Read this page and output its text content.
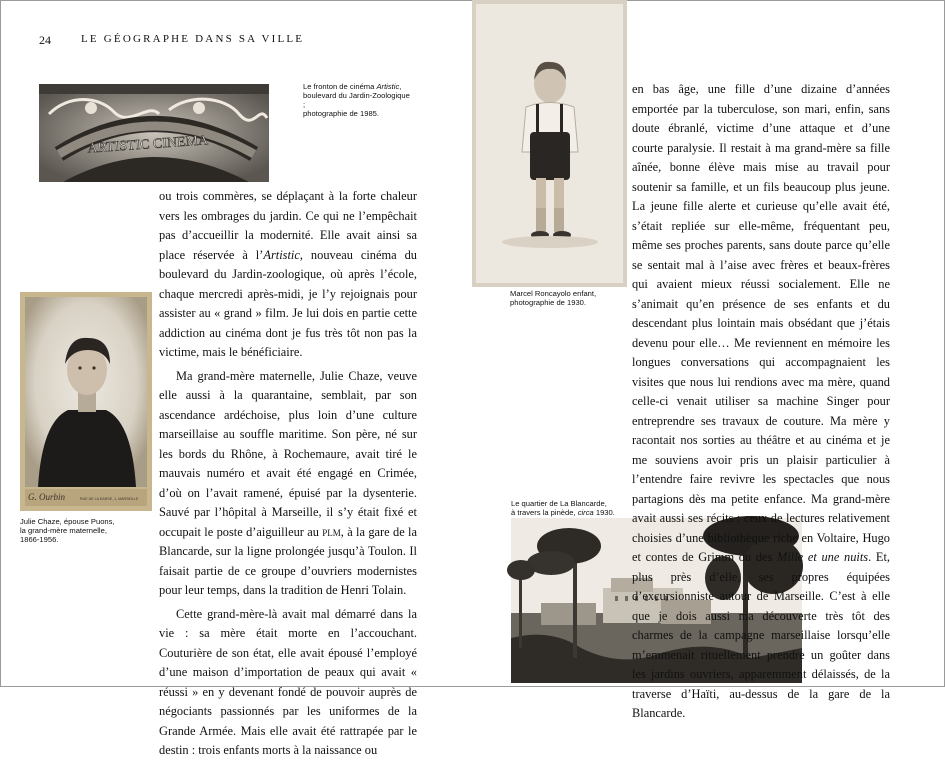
24	LE GÉOGRAPHE DANS SA VILLE
ARTISTIC CINEMA
Le fronton de cinéma Artistic,
boulevard du Jardin-Zoologique ;
photographie de 1985.
G. Ourbin	RUE DE LA DARSE, 1, MARSEILLE
Julie Chaze, épouse Puons,
la grand-mère maternelle,
1866-1956.
Marcel Roncayolo enfant,
photographie de 1930.
Le quartier de La Blancarde,
à travers la pinède, circa 1930.

ou trois commères, se déplaçant à la forte chaleur vers les ombrages du jardin. Ce qui ne l’empêchait pas d’accueillir la modernité. Elle avait ainsi sa place réservée à l’Artistic, nouveau cinéma du boulevard du Jardin-zoologique, où après l’école, chaque mercredi après-midi, je l’y rejoignais pour assister au « grand » film. Je lui dois en partie cette addiction au cinéma dont je fus très tôt non pas la victime, mais le bénéficiaire.

Ma grand-mère maternelle, Julie Chaze, veuve elle aussi à la quarantaine, semblait, par son ascendance ardéchoise, plus loin d’une culture marseillaise au souffle maritime. Son père, né sur les bords du Rhône, à Rochemaure, avait tiré le mauvais numéro et avait été engagé en Crimée, d’où on l’avait ramené, épuisé par la dysenterie. Sauvé par l’hôpital à Marseille, il s’y était fixé et occupait le poste d’aiguilleur au plm, à la gare de la Blancarde, sur la ligne prolongée jusqu’à Toulon. Il faisait partie de ce groupe d’ouvriers modernistes pour leur temps, dans la tradition de Henri Tolain.

Cette grand-mère-là avait mal démarré dans la vie : sa mère était morte en l’accouchant. Couturière de son état, elle avait épousé l’employé d’une maison d’importation de peaux qui avait « réussi » en y devenant fondé de pouvoir auprès de négociants passionnés par les uniformes de la Grande Armée. Mais elle avait été rattrapée par le destin : trois enfants morts à la naissance ou

en bas âge, une fille d’une dizaine d’années emportée par la tuberculose, son mari, enfin, sans doute ébranlé, victime d’une attaque et d’une courte paralysie. Il restait à ma grand-mère sa fille aînée, bonne élève mais mise au travail pour soutenir sa famille, et un fils beaucoup plus jeune. La jeune fille alerte et curieuse qu’elle avait été, s’était repliée sur elle-même, fréquentant peu, même ses proches parents, sans doute parce qu’elle se sentait mal à l’aise avec frères et beaux-frères qui avaient mieux réussi socialement. Elle ne s’animait qu’en présence de ses enfants et du descendant plus lointain mais obsédant que j’étais devenu pour elle… Me reviennent en mémoire les longues conversations qui accompagnaient les visites que nous lui rendions avec ma mère, quand celle-ci venait utiliser sa machine Singer pour entreprendre ses travaux de couture. Ma mère y racontait nos sorties au théâtre et au cinéma et je me souviens avoir pris un plaisir particulier à l’entendre faire revivre les spectacles que nous partagions dès ma petite enfance. Ma grand-mère avait aussi ses récits : ceux de lectures relativement choisies d’une bibliothèque riche en Voltaire, Hugo et contes de Grimm ou des Mille et une nuits. Et, plus près d’elle, ses propres équipées d’excursionniste autour de Marseille. C’est à elle que je dois aussi ma découverte très tôt des charmes de la campagne marseillaise lorsqu’elle m’emmenait rituellement prendre un goûter dans les jardins ouvriers, apparemment délaissés, de la traverse d’Haïti, au-dessus de la gare de la Blancarde.
